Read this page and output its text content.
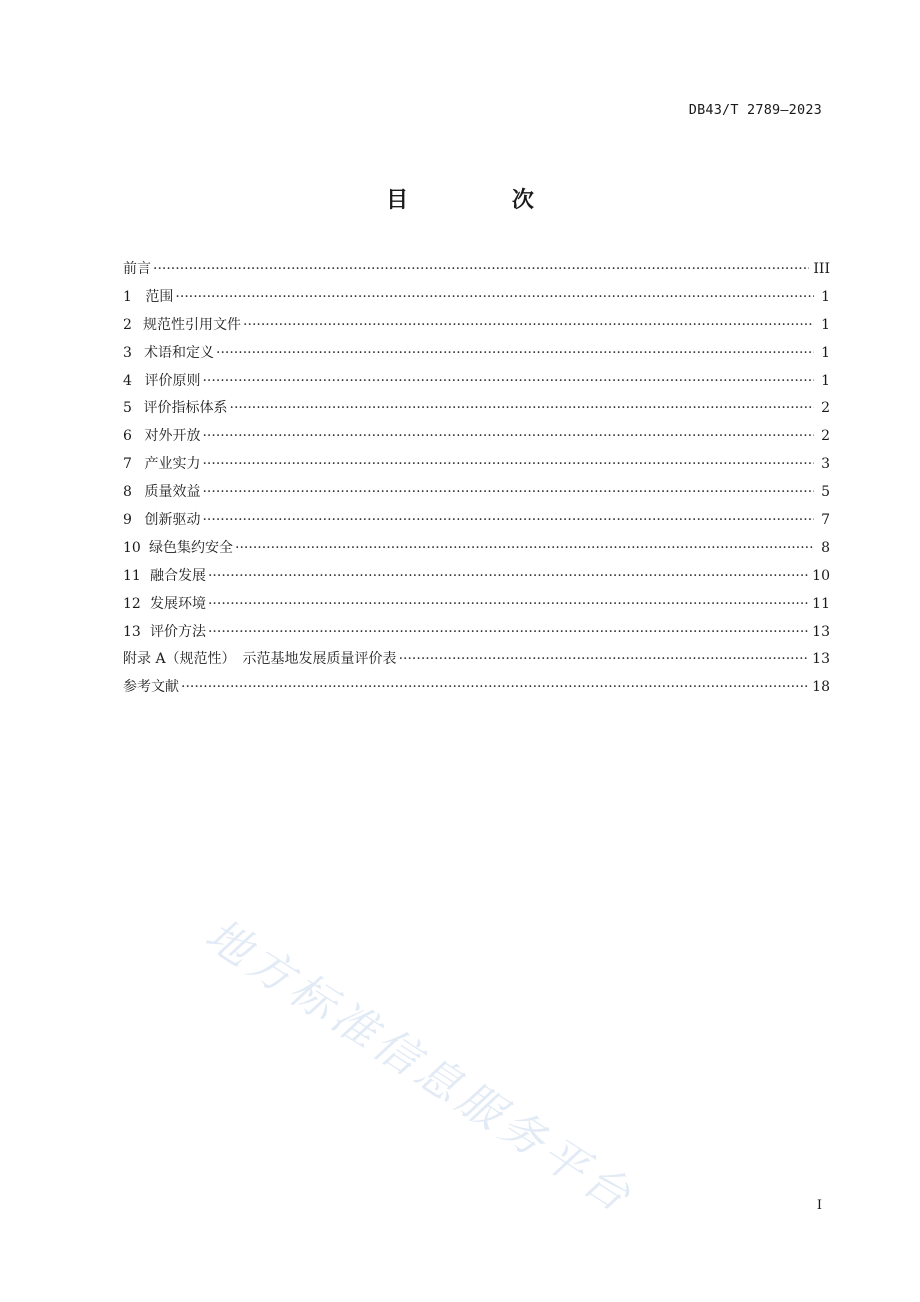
DB43/T 2789—2023
目 次
前言 ·····	III
1 范围 ·····	1
2 规范性引用文件 ·····	1
3 术语和定义 ·····	1
4 评价原则 ·····	1
5 评价指标体系 ·····	2
6 对外开放 ·····	2
7 产业实力 ·····	3
8 质量效益 ·····	5
9 创新驱动 ·····	7
10 绿色集约安全 ·····	8
11 融合发展 ·····	10
12 发展环境 ·····	11
13 评价方法 ·····	13
附录 A（规范性）　示范基地发展质量评价表 ·····	13
参考文献 ·····	18
地方标准信息服务平台	I
